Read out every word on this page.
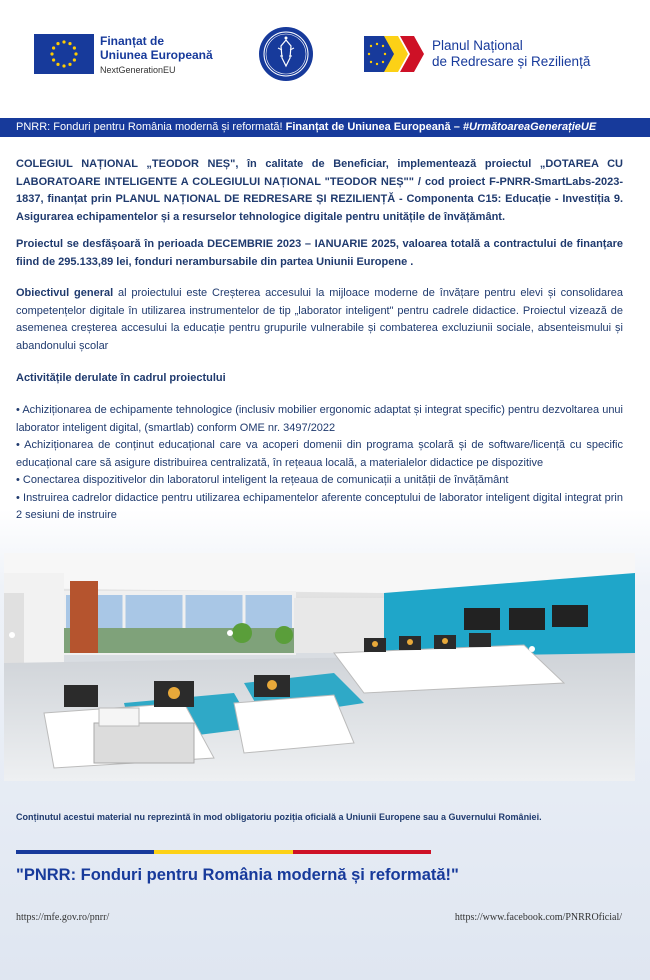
Finanțat de
Uniunea Europeană
NextGenerationEU
Planul Național
de Redresare și Reziliență
PNRR: Fonduri pentru România modernă și reformată! Finanțat de Uniunea Europeană – #UrmătoareaGenerațieUE

COLEGIUL NAȚIONAL „TEODOR NEȘ", în calitate de Beneficiar, implementează proiectul „DOTAREA CU LABORATOARE INTELIGENTE A COLEGIULUI NAȚIONAL "TEODOR NEȘ"" / cod proiect F-PNRR-SmartLabs-2023-1837, finanțat prin PLANUL NAȚIONAL DE REDRESARE ȘI REZILIENȚĂ - Componenta C15: Educație - Investiția 9. Asigurarea echipamentelor și a resurselor tehnologice digitale pentru unitățile de învățământ.

Proiectul se desfășoară în perioada DECEMBRIE 2023 – IANUARIE 2025, valoarea totală a contractului de finanțare fiind de 295.133,89 lei, fonduri nerambursabile din partea Uniunii Europene .

Obiectivul general al proiectului este Creșterea accesului la mijloace moderne de învățare pentru elevi și consolidarea competențelor digitale în utilizarea instrumentelor de tip „laborator inteligent" pentru cadrele didactice. Proiectul vizează de asemenea creșterea accesului la educație pentru grupurile vulnerabile și combaterea excluziunii sociale, absenteismului și abandonului școlar

Activitățile derulate în cadrul proiectului

• Achiziționarea de echipamente tehnologice (inclusiv mobilier ergonomic adaptat și integrat specific) pentru dezvoltarea unui laborator inteligent digital, (smartlab) conform OME nr. 3497/2022

• Achiziționarea de conținut educațional care va acoperi domenii din programa școlară și de software/licență cu specific educațional care să asigure distribuirea centralizată, în rețeaua locală, a materialelor didactice pe dispozitive

• Conectarea dispozitivelor din laboratorul inteligent la rețeaua de comunicații a unității de învățământ

• Instruirea cadrelor didactice pentru utilizarea echipamentelor aferente conceptului de laborator inteligent digital integrat prin 2 sesiuni de instruire

Conținutul acestui material nu reprezintă în mod obligatoriu poziția oficială a Uniunii Europene sau a Guvernului României.

"PNRR: Fonduri pentru România modernă și reformată!"

https://mfe.gov.ro/pnrr/	https://www.facebook.com/PNRROficial/
